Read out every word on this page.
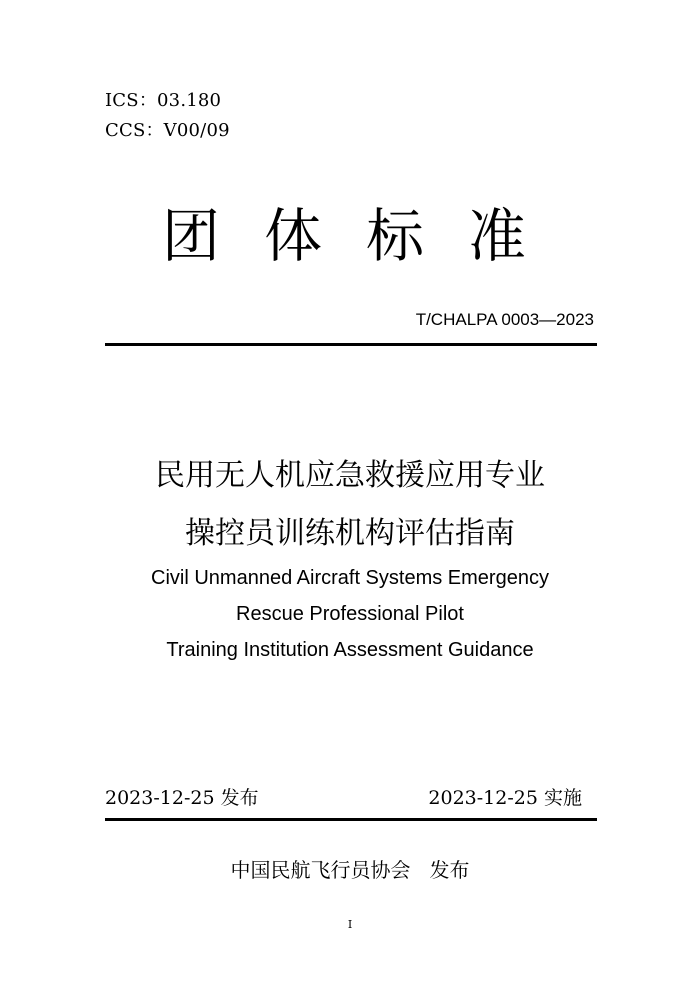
ICS：03.180
CCS：V00/09
团体标准
T/CHALPA 0003—2023
民用无人机应急救援应用专业
操控员训练机构评估指南
Civil Unmanned Aircraft Systems Emergency
Rescue Professional Pilot
Training Institution Assessment Guidance
2023-12-25 发布	2023-12-25 实施
中国民航飞行员协会   发布
I
